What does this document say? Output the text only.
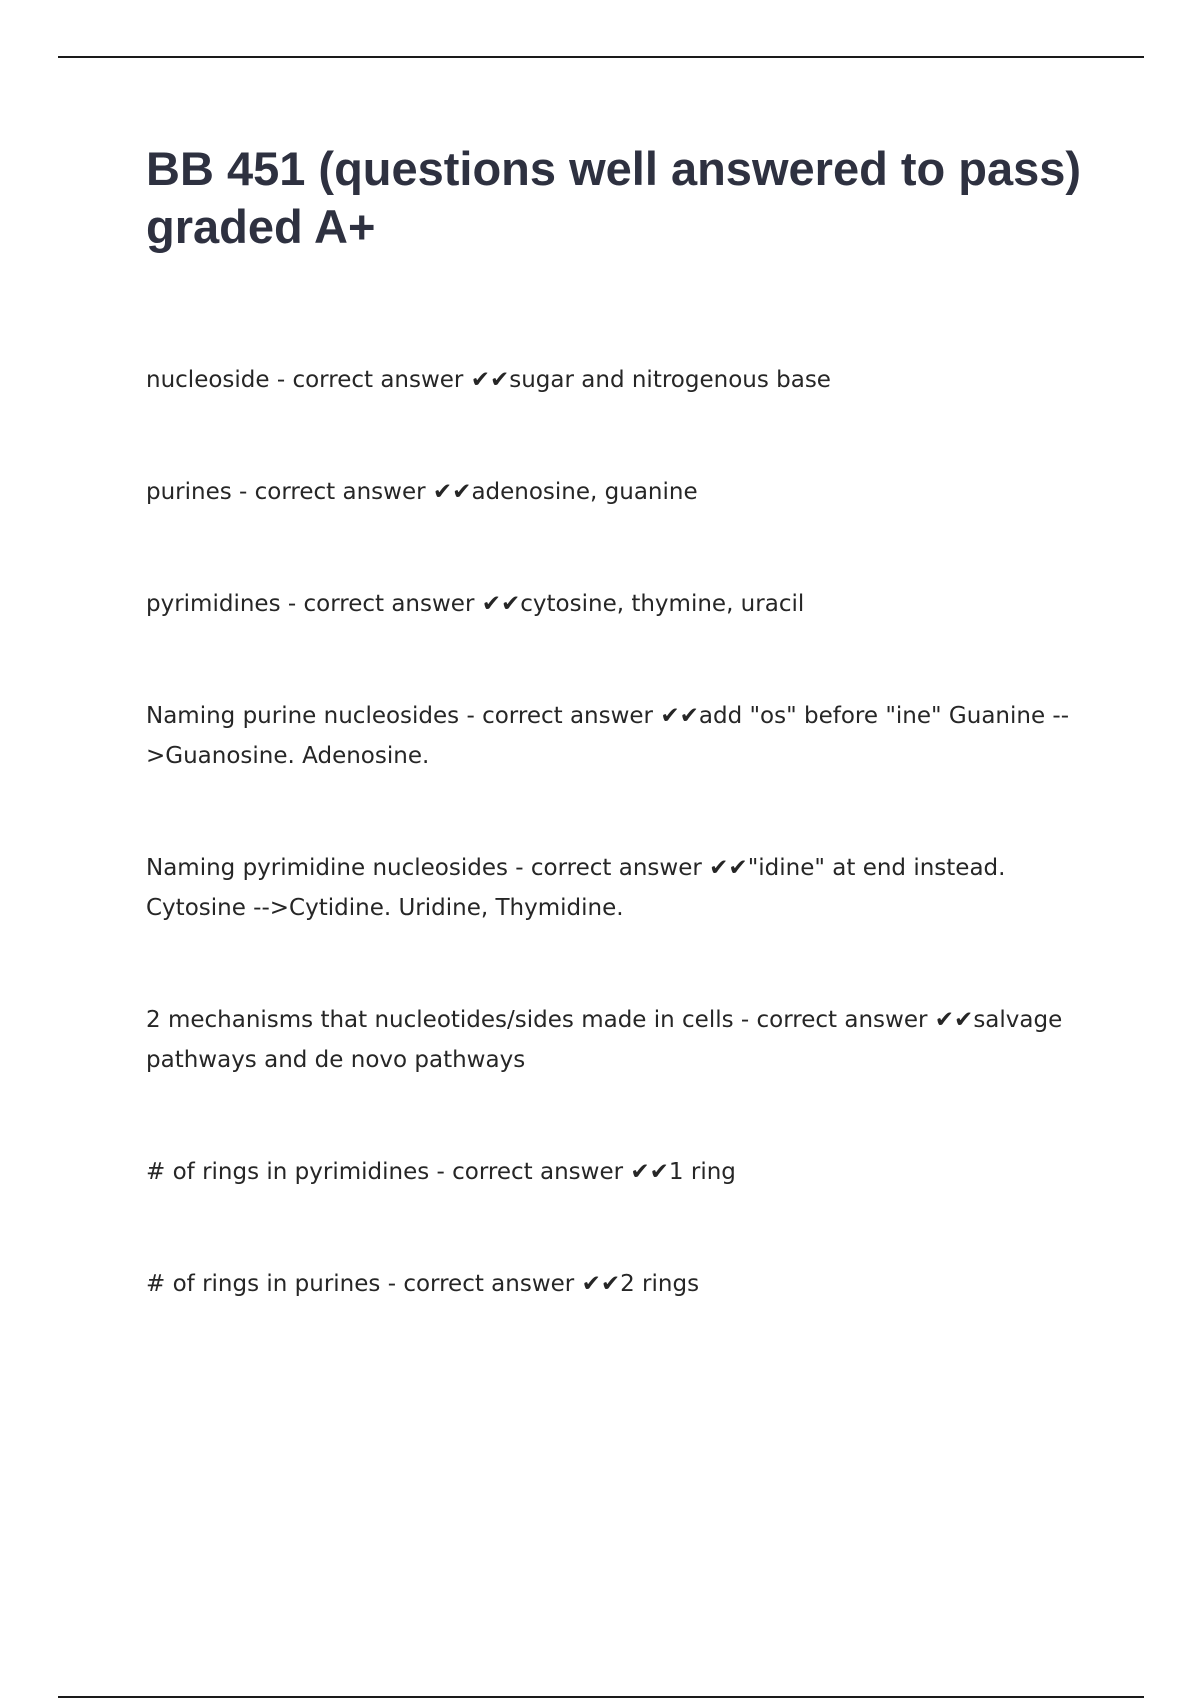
BB 451 (questions well answered to pass) graded A+

nucleoside - correct answer ✔✔sugar and nitrogenous base

purines - correct answer ✔✔adenosine, guanine

pyrimidines - correct answer ✔✔cytosine, thymine, uracil

Naming purine nucleosides - correct answer ✔✔add "os" before "ine" Guanine -->Guanosine. Adenosine.

Naming pyrimidine nucleosides - correct answer ✔✔"idine" at end instead. Cytosine -->Cytidine. Uridine, Thymidine.

2 mechanisms that nucleotides/sides made in cells - correct answer ✔✔salvage pathways and de novo pathways

# of rings in pyrimidines - correct answer ✔✔1 ring

# of rings in purines - correct answer ✔✔2 rings
